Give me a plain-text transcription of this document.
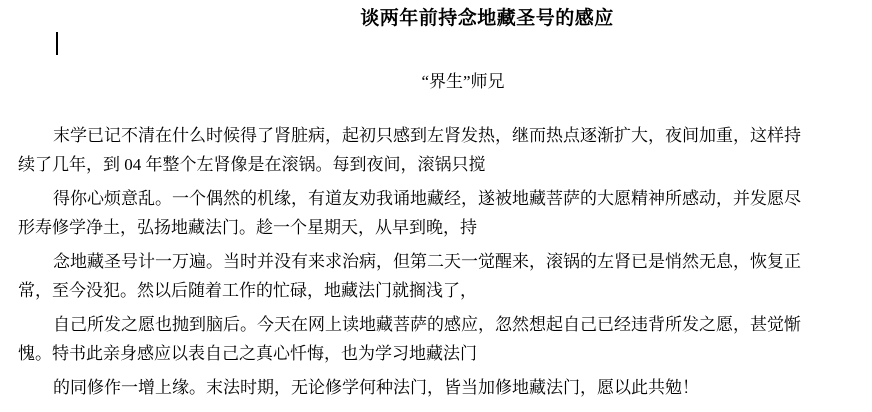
谈两年前持念地藏圣号的感应
“界生”师兄
末学已记不清在什么时候得了肾脏病，起初只感到左肾发热，继而热点逐渐扩大，夜间加重，这样持
续了几年，到 04 年整个左肾像是在滚锅。每到夜间，滚锅只搅
得你心烦意乱。一个偶然的机缘，有道友劝我诵地藏经，遂被地藏菩萨的大愿精神所感动，并发愿尽
形寿修学净土，弘扬地藏法门。趁一个星期天，从早到晚，持
念地藏圣号计一万遍。当时并没有来求治病，但第二天一觉醒来，滚锅的左肾已是悄然无息，恢复正
常，至今没犯。然以后随着工作的忙碌，地藏法门就搁浅了，
自己所发之愿也抛到脑后。今天在网上读地藏菩萨的感应，忽然想起自己已经违背所发之愿，甚觉惭
愧。特书此亲身感应以表自己之真心忏悔，也为学习地藏法门
的同修作一增上缘。末法时期，无论修学何种法门，皆当加修地藏法门，愿以此共勉！
